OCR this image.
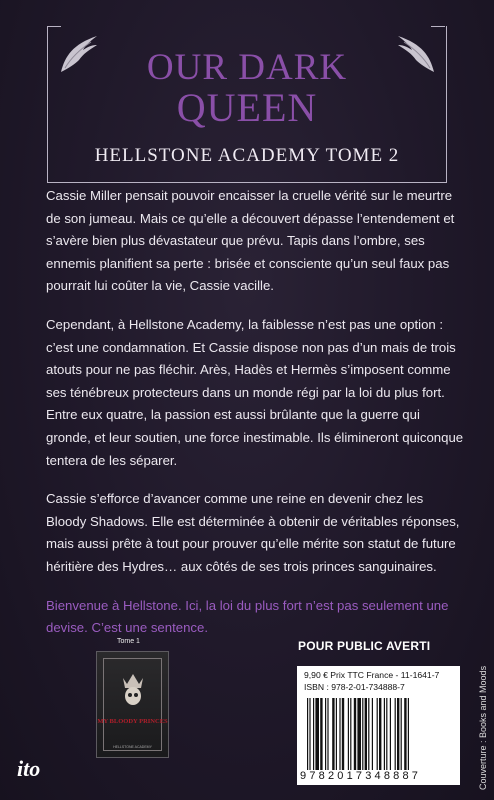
OUR DARK
QUEEN
HELLSTONE ACADEMY TOME 2

Cassie Miller pensait pouvoir encaisser la cruelle vérité sur le meurtre de son jumeau. Mais ce qu’elle a découvert dépasse l’entendement et s’avère bien plus dévastateur que prévu. Tapis dans l’ombre, ses ennemis planifient sa perte : brisée et consciente qu’un seul faux pas pourrait lui coûter la vie, Cassie vacille.

Cependant, à Hellstone Academy, la faiblesse n’est pas une option : c’est une condamnation. Et Cassie dispose non pas d’un mais de trois atouts pour ne pas fléchir. Arès, Hadès et Hermès s’imposent comme ses ténébreux protecteurs dans un monde régi par la loi du plus fort. Entre eux quatre, la passion est aussi brûlante que la guerre qui gronde, et leur soutien, une force inestimable. Ils élimineront quiconque tentera de les séparer.

Cassie s’efforce d’avancer comme une reine en devenir chez les Bloody Shadows. Elle est déterminée à obtenir de véritables réponses, mais aussi prête à tout pour prouver qu’elle mérite son statut de future héritière des Hydres… aux côtés de ses trois princes sanguinaires.

Bienvenue à Hellstone. Ici, la loi du plus fort n’est pas seulement une devise. C’est une sentence.

Tome 1
MY BLOODY PRINCES
HELLSTONE ACADEMY
ito
POUR PUBLIC AVERTI
9,90 € Prix TTC France - 11-1641-7
ISBN : 978-2-01-734888-7
9782017348887	Couverture : Books and Moods
